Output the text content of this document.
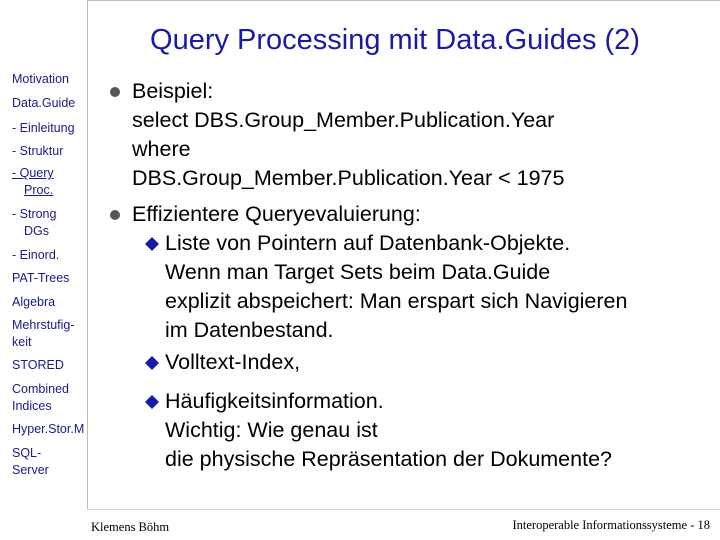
Query Processing mit Data.Guides (2)
Motivation
Data.Guide
- Einleitung
- Struktur
- Query
Proc.
- Strong
DGs
- Einord.
PAT-Trees
Algebra
Mehrstufig-
keit
STORED
Combined
Indices
Hyper.Stor.M
SQL-
Server
Beispiel:
select DBS.Group_Member.Publication.Year
where
DBS.Group_Member.Publication.Year < 1975
Effizientere Queryevaluierung:
Liste von Pointern auf Datenbank-Objekte.
Wenn man Target Sets beim Data.Guide
explizit abspeichert: Man erspart sich Navigieren
im Datenbestand.
Volltext-Index,
Häufigkeitsinformation.
Wichtig: Wie genau ist
die physische Repräsentation der Dokumente?
Klemens Böhm	Interoperable Informationssysteme - 18
